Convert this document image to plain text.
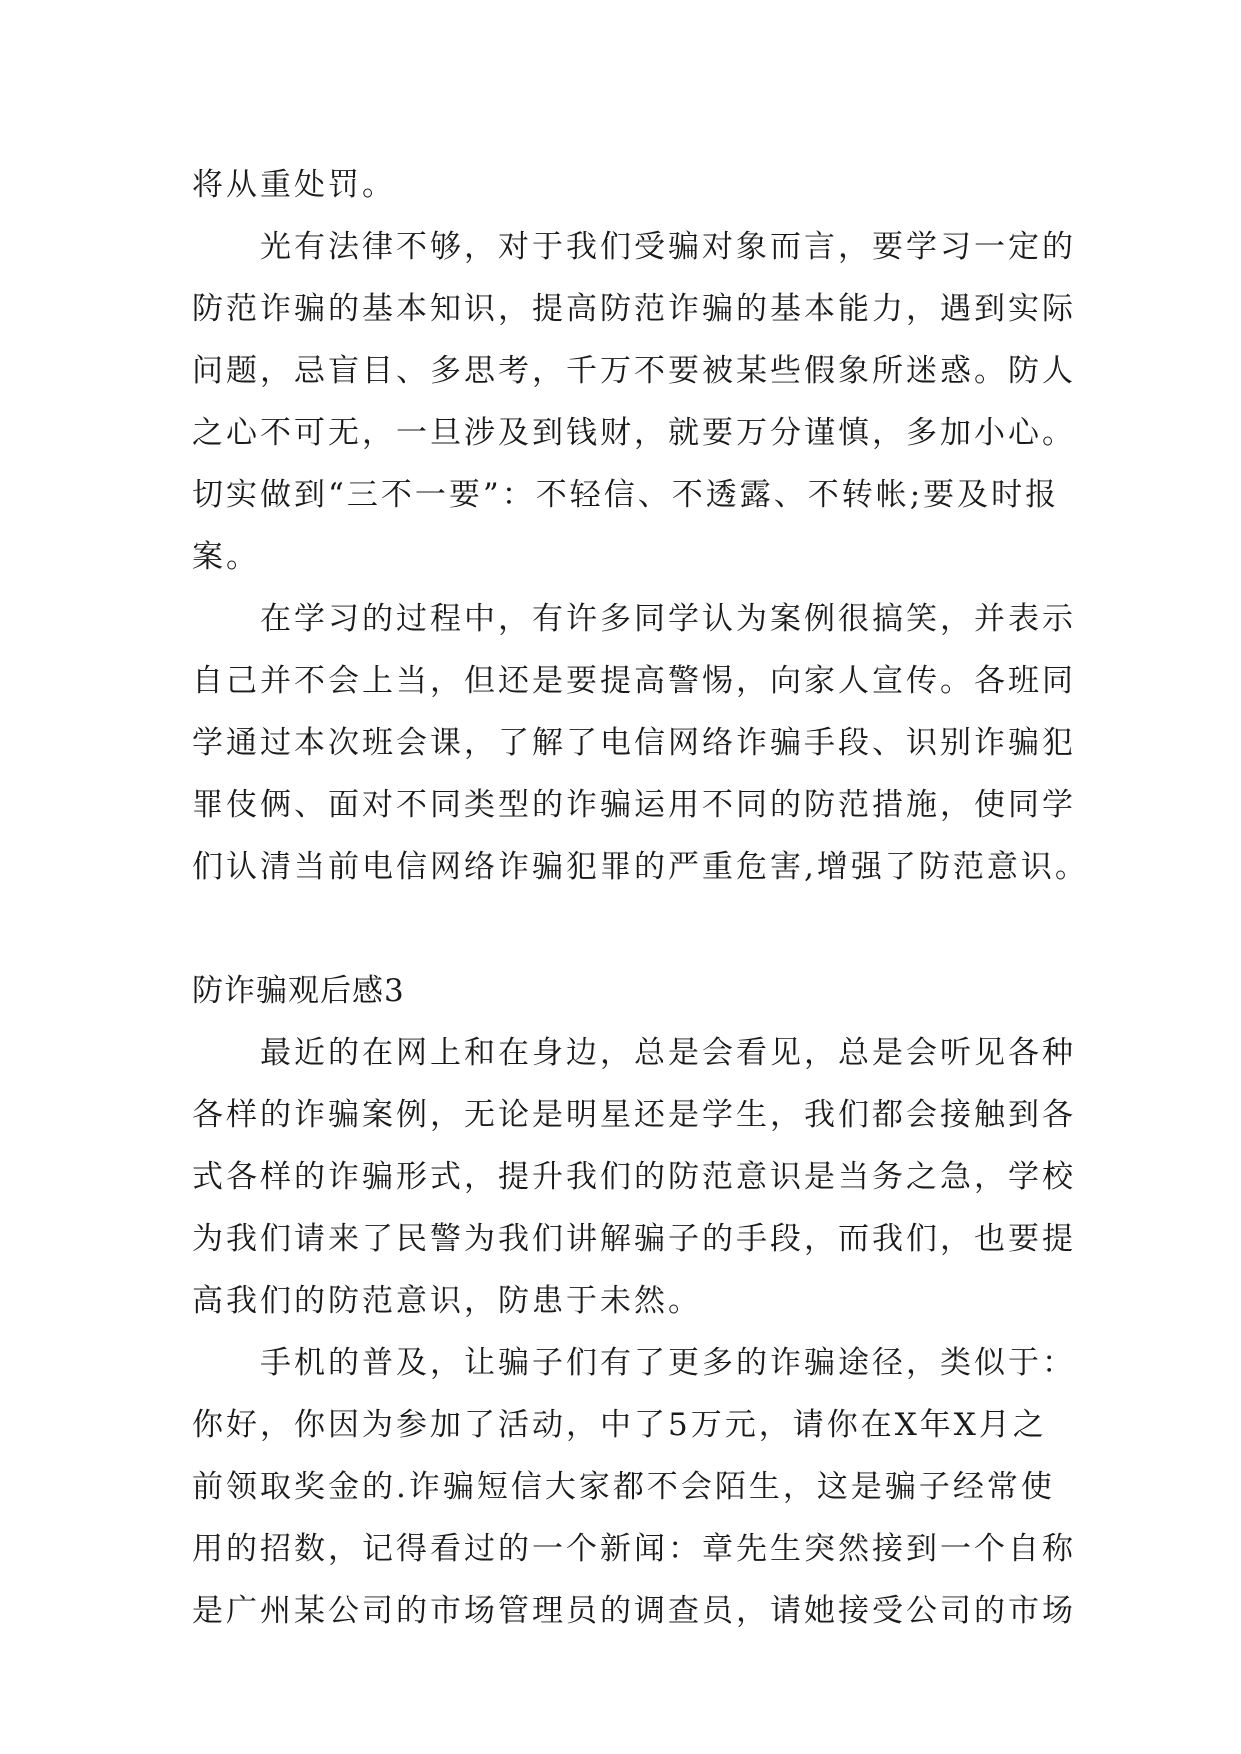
将从重处罚。
　　光有法律不够，对于我们受骗对象而言，要学习一定的
防范诈骗的基本知识，提高防范诈骗的基本能力，遇到实际
问题，忌盲目、多思考，千万不要被某些假象所迷惑。防人
之心不可无，一旦涉及到钱财，就要万分谨慎，多加小心。
切实做到“三不一要”：不轻信、不透露、不转帐;要及时报
案。
　　在学习的过程中，有许多同学认为案例很搞笑，并表示
自己并不会上当，但还是要提高警惕，向家人宣传。各班同
学通过本次班会课，了解了电信网络诈骗手段、识别诈骗犯
罪伎俩、面对不同类型的诈骗运用不同的防范措施，使同学
们认清当前电信网络诈骗犯罪的严重危害,增强了防范意识。
防诈骗观后感3
　　最近的在网上和在身边，总是会看见，总是会听见各种
各样的诈骗案例，无论是明星还是学生，我们都会接触到各
式各样的诈骗形式，提升我们的防范意识是当务之急，学校
为我们请来了民警为我们讲解骗子的手段，而我们，也要提
高我们的防范意识，防患于未然。
　　手机的普及，让骗子们有了更多的诈骗途径，类似于：
你好，你因为参加了活动，中了5万元，请你在X年X月之
前领取奖金的.诈骗短信大家都不会陌生，这是骗子经常使
用的招数，记得看过的一个新闻：章先生突然接到一个自称
是广州某公司的市场管理员的调查员，请她接受公司的市场
